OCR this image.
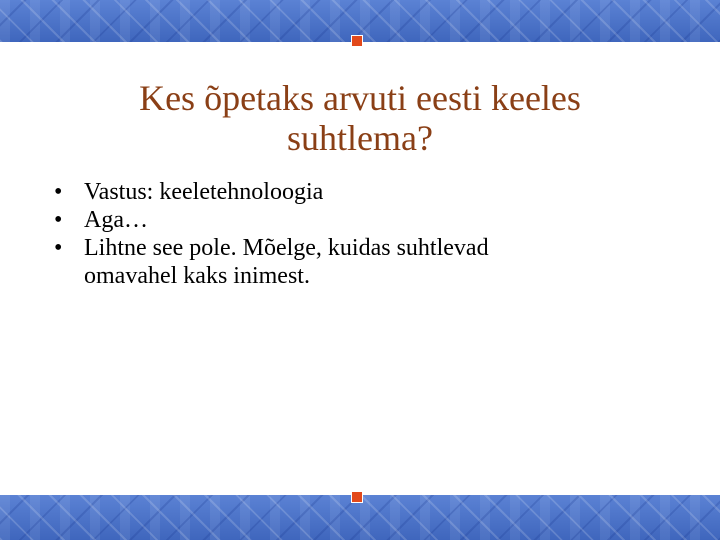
Kes õpetaks arvuti eesti keeles
suhtlema?
• Vastus: keeletehnoloogia
• Aga…
• Lihtne see pole. Mõelge, kuidas suhtlevad
omavahel kaks inimest.
